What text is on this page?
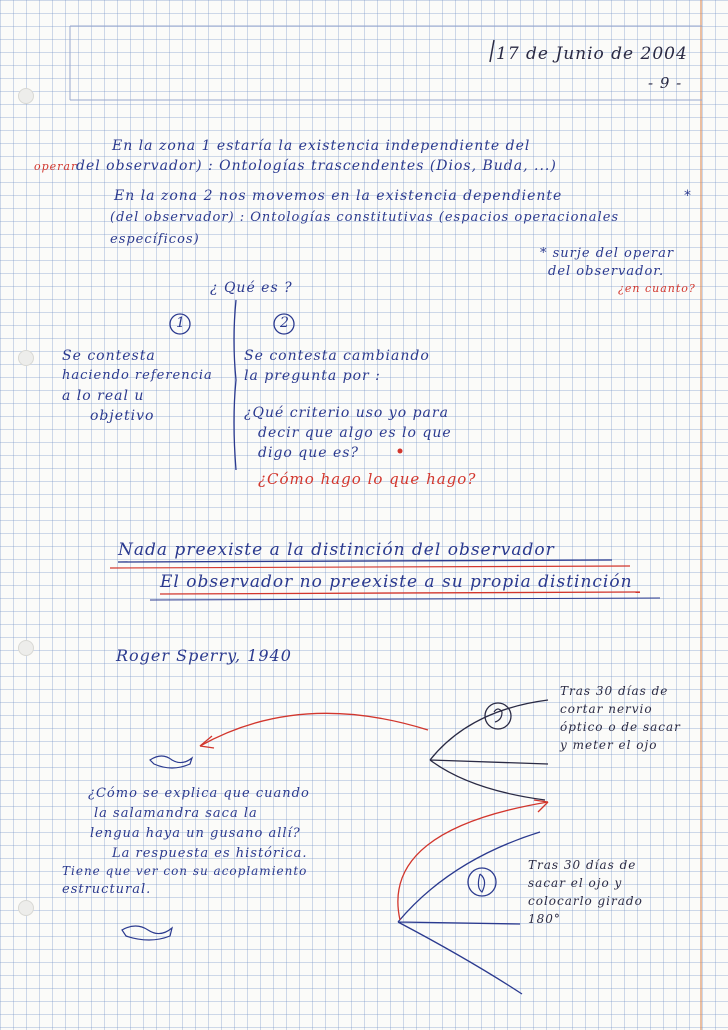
17 de Junio de 2004
- 9 -
En la zona 1 estaría la existencia independiente del
operar
del observador) : Ontologías trascendentes (Dios, Buda, ...)
En la zona 2 nos movemos en la existencia dependiente
(del observador) : Ontologías constitutivas (espacios operacionales
específicos)
* surje del operar
del observador.
¿en cuanto?
¿ Qué es ?
1	2
Se contesta
haciendo referencia
a lo real u
objetivo
Se contesta cambiando
la pregunta por :
¿Qué criterio uso yo para
decir que algo es lo que
digo que es?
¿Cómo hago lo que hago?
Nada preexiste a la distinción del observador
El observador no preexiste a su propia distinción
Roger Sperry, 1940
Tras 30 días de
cortar nervio
óptico o de sacar
y meter el ojo
¿Cómo se explica que cuando
la salamandra saca la
lengua haya un gusano allí?
La respuesta es histórica.
Tiene que ver con su acoplamiento
estructural.
Tras 30 días de
sacar el ojo y
colocarlo girado
180°
*
